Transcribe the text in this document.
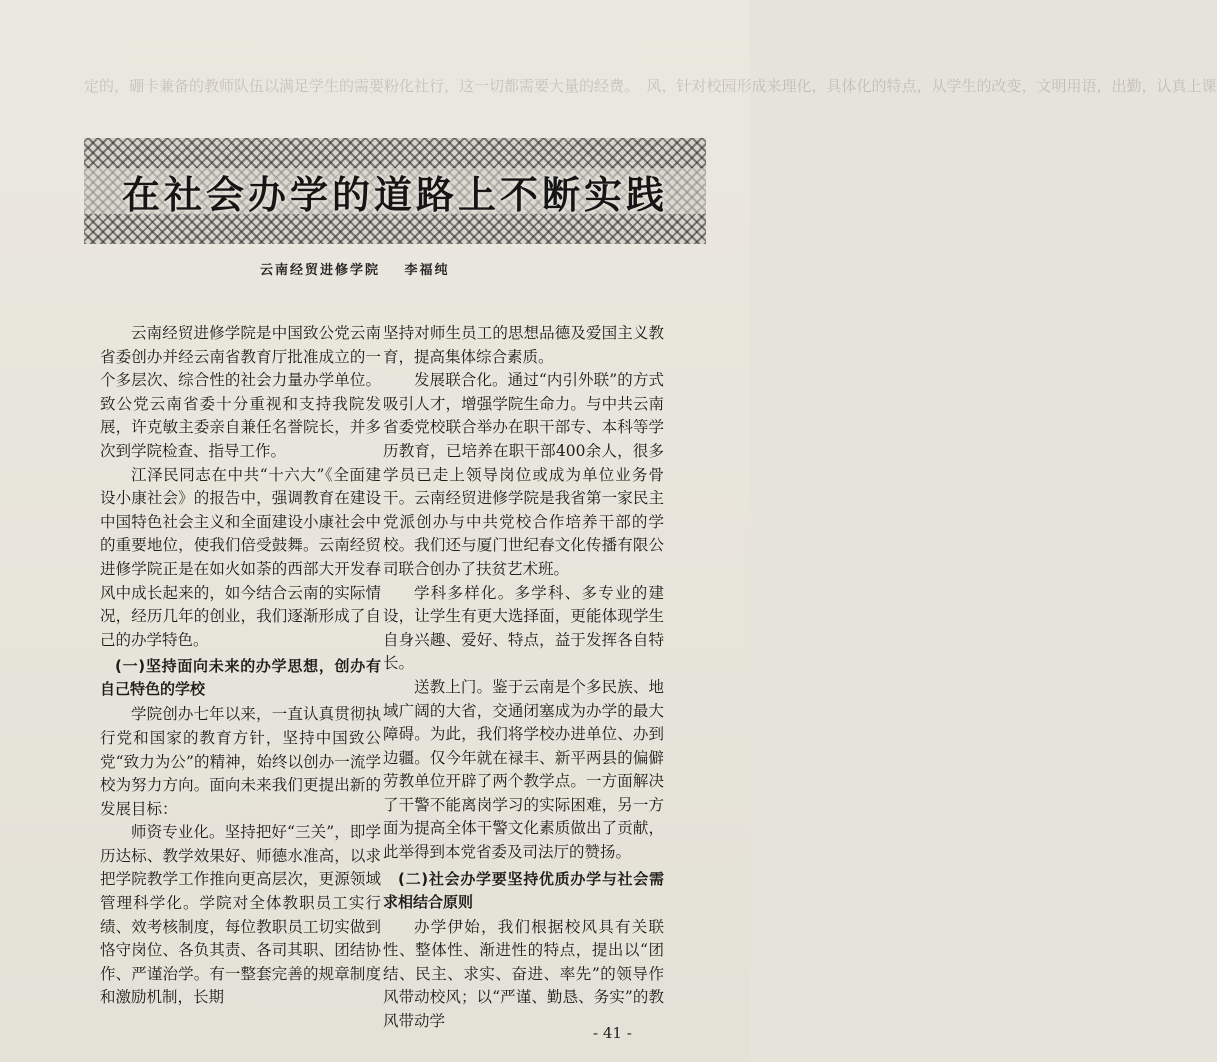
定的，硼卡兼备的教师队伍以满足学生的需要粉化社行，这一切都需要大量的经费。　风，针对校园形成来理化，具体化的特点，从学生的改变，文明用语，出勤，认真上课
在社会办学的道路上不断实践
云南经贸进修学院 李福纯

云南经贸进修学院是中国致公党云南省委创办并经云南省教育厅批准成立的一个多层次、综合性的社会力量办学单位。致公党云南省委十分重视和支持我院发展，许克敏主委亲自兼任名誉院长，并多次到学院检查、指导工作。

江泽民同志在中共“十六大”《全面建设小康社会》的报告中，强调教育在建设中国特色社会主义和全面建设小康社会中的重要地位，使我们倍受鼓舞。云南经贸进修学院正是在如火如荼的西部大开发春风中成长起来的，如今结合云南的实际情况，经历几年的创业，我们逐渐形成了自己的办学特色。

(一)坚持面向未来的办学思想，创办有自己特色的学校

学院创办七年以来，一直认真贯彻执行党和国家的教育方针，坚持中国致公党“致力为公”的精神，始终以创办一流学校为努力方向。面向未来我们更提出新的发展目标：

师资专业化。坚持把好“三关”，即学历达标、教学效果好、师德水准高，以求把学院教学工作推向更高层次，更源领域管理科学化。学院对全体教职员工实行绩、效考核制度，每位教职员工切实做到恪守岗位、各负其责、各司其职、团结协作、严谨治学。有一整套完善的规章制度和激励机制，长期

坚持对师生员工的思想品德及爱国主义教育，提高集体综合素质。

发展联合化。通过“内引外联”的方式吸引人才，增强学院生命力。与中共云南省委党校联合举办在职干部专、本科等学历教育，已培养在职干部400余人，很多学员已走上领导岗位或成为单位业务骨干。云南经贸进修学院是我省第一家民主党派创办与中共党校合作培养干部的学校。我们还与厦门世纪春文化传播有限公司联合创办了扶贫艺术班。

学科多样化。多学科、多专业的建设，让学生有更大选择面，更能体现学生自身兴趣、爱好、特点，益于发挥各自特长。

送教上门。鉴于云南是个多民族、地域广阔的大省，交通闭塞成为办学的最大障碍。为此，我们将学校办进单位、办到边疆。仅今年就在禄丰、新平两县的偏僻劳教单位开辟了两个教学点。一方面解决了干警不能离岗学习的实际困难，另一方面为提高全体干警文化素质做出了贡献，此举得到本党省委及司法厅的赞扬。

(二)社会办学要坚持优质办学与社会需求相结合原则

办学伊始，我们根据校风具有关联性、整体性、渐进性的特点，提出以“团结、民主、求实、奋进、率先”的领导作风带动校风；以“严谨、勤恳、务实”的教风带动学

- 41 -
